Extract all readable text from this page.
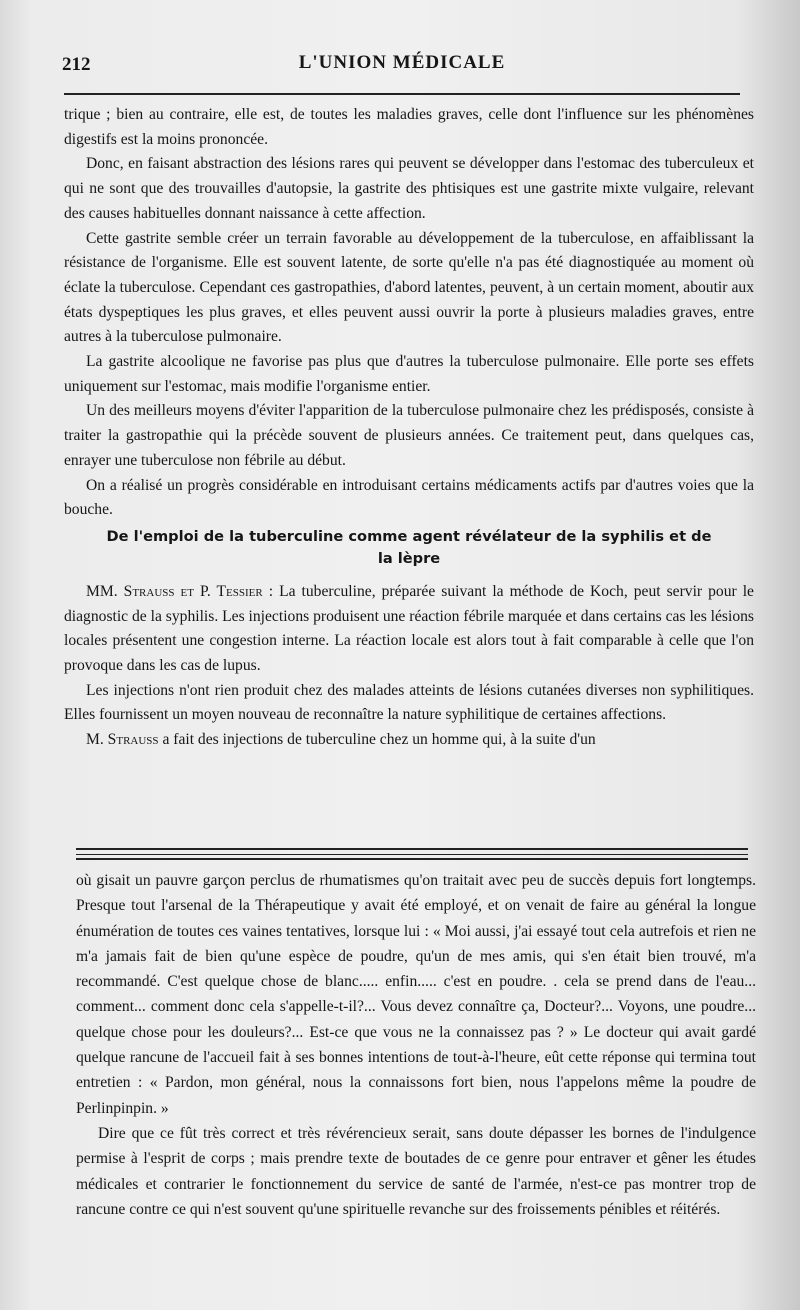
212	L'UNION MÉDICALE

trique ; bien au contraire, elle est, de toutes les maladies graves, celle dont l'influence sur les phénomènes digestifs est la moins prononcée.

Donc, en faisant abstraction des lésions rares qui peuvent se développer dans l'estomac des tuberculeux et qui ne sont que des trouvailles d'autopsie, la gastrite des phtisiques est une gastrite mixte vulgaire, relevant des causes habituelles donnant naissance à cette affection.

Cette gastrite semble créer un terrain favorable au développement de la tuberculose, en affaiblissant la résistance de l'organisme. Elle est souvent latente, de sorte qu'elle n'a pas été diagnostiquée au moment où éclate la tuberculose. Cependant ces gastropathies, d'abord latentes, peuvent, à un certain moment, aboutir aux états dyspeptiques les plus graves, et elles peuvent aussi ouvrir la porte à plusieurs maladies graves, entre autres à la tuberculose pulmonaire.

La gastrite alcoolique ne favorise pas plus que d'autres la tuberculose pulmonaire. Elle porte ses effets uniquement sur l'estomac, mais modifie l'organisme entier.

Un des meilleurs moyens d'éviter l'apparition de la tuberculose pulmonaire chez les prédisposés, consiste à traiter la gastropathie qui la précède souvent de plusieurs années. Ce traitement peut, dans quelques cas, enrayer une tuberculose non fébrile au début.

On a réalisé un progrès considérable en introduisant certains médicaments actifs par d'autres voies que la bouche.

De l'emploi de la tuberculine comme agent révélateur de la syphilis et de la lèpre

MM. Strauss et P. Tessier : La tuberculine, préparée suivant la méthode de Koch, peut servir pour le diagnostic de la syphilis. Les injections produisent une réaction fébrile marquée et dans certains cas les lésions locales présentent une congestion interne. La réaction locale est alors tout à fait comparable à celle que l'on provoque dans les cas de lupus.

Les injections n'ont rien produit chez des malades atteints de lésions cutanées diverses non syphilitiques. Elles fournissent un moyen nouveau de reconnaître la nature syphilitique de certaines affections.

M. Strauss a fait des injections de tuberculine chez un homme qui, à la suite d'un

où gisait un pauvre garçon perclus de rhumatismes qu'on traitait avec peu de succès depuis fort longtemps. Presque tout l'arsenal de la Thérapeutique y avait été employé, et on venait de faire au général la longue énumération de toutes ces vaines tentatives, lorsque lui : « Moi aussi, j'ai essayé tout cela autrefois et rien ne m'a jamais fait de bien qu'une espèce de poudre, qu'un de mes amis, qui s'en était bien trouvé, m'a recommandé. C'est quelque chose de blanc..... enfin..... c'est en poudre. . cela se prend dans de l'eau... comment... comment donc cela s'appelle-t-il?... Vous devez connaître ça, Docteur?... Voyons, une poudre... quelque chose pour les douleurs?... Est-ce que vous ne la connaissez pas ? » Le docteur qui avait gardé quelque rancune de l'accueil fait à ses bonnes intentions de tout-à-l'heure, eût cette réponse qui termina tout entretien : « Pardon, mon général, nous la connaissons fort bien, nous l'appelons même la poudre de Perlinpinpin. »

Dire que ce fût très correct et très révérencieux serait, sans doute dépasser les bornes de l'indulgence permise à l'esprit de corps ; mais prendre texte de boutades de ce genre pour entraver et gêner les études médicales et contrarier le fonctionnement du service de santé de l'armée, n'est-ce pas montrer trop de rancune contre ce qui n'est souvent qu'une spirituelle revanche sur des froissements pénibles et réitérés.
